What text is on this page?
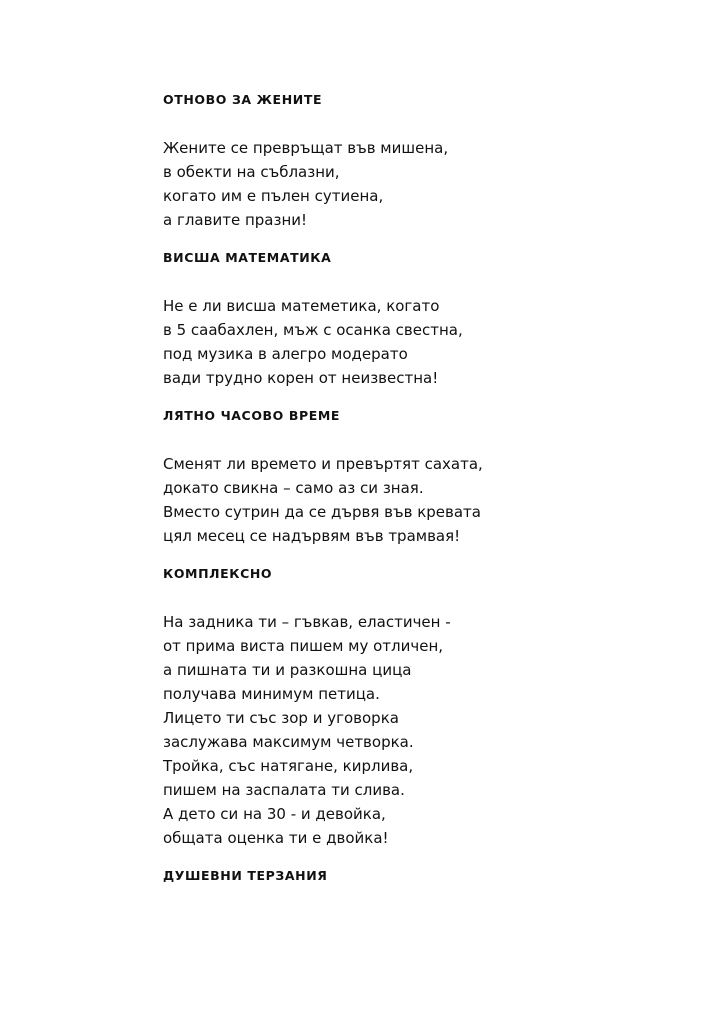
ОТНОВО ЗА ЖЕНИТЕ
Жените се превръщат във мишена,
в обекти на съблазни,
когато им е пълен сутиена,
а главите празни!
ВИСША МАТЕМАТИКА
Не е ли висша матеметика, когато
в 5 саабахлен, мъж с осанка свестна,
под музика в алегро модерато
вади трудно корен от неизвестна!
ЛЯТНО ЧАСОВО ВРЕМЕ
Сменят ли времето и превъртят сахата,
докато свикна – само аз си зная.
Вместо сутрин да се дървя във кревата
цял месец се надървям във трамвая!
КОМПЛЕКСНО
На задника ти – гъвкав, еластичен -
от прима виста пишем му отличен,
а пишната ти и разкошна цица
получава минимум петица.
Лицето ти със зор и уговорка
заслужава максимум четворка.
Тройка, със натягане, кирлива,
пишем на заспалата ти слива.
А дето си на 30 - и девойка,
общата оценка ти е двойка!
ДУШЕВНИ ТЕРЗАНИЯ
